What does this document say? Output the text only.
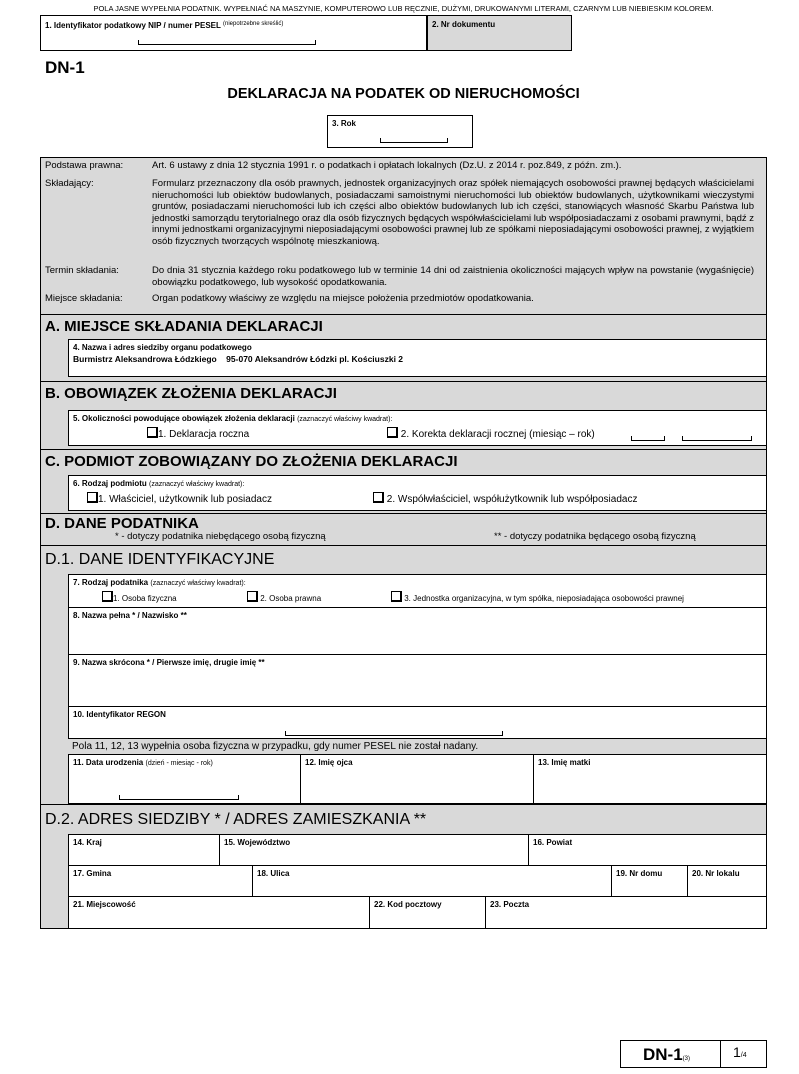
POLA JASNE WYPEŁNIA PODATNIK. WYPEŁNIAĆ NA MASZYNIE, KOMPUTEROWO LUB RĘCZNIE, DUŻYMI, DRUKOWANYMI LITERAMI, CZARNYM LUB NIEBIESKIM KOLOREM.
1. Identyfikator podatkowy NIP / numer PESEL $^{(niepotrzebne skreślić)}$	2. Nr dokumentu
DN-1
DEKLARACJA NA PODATEK OD NIERUCHOMOŚCI
3. Rok
Podstawa prawna:	Art. 6 ustawy z dnia 12 stycznia 1991 r. o podatkach i opłatach lokalnych (Dz.U. z 2014 r. poz.849, z późn. zm.).
Składający:	Formularz przeznaczony dla osób prawnych, jednostek organizacyjnych oraz spółek niemających osobowości prawnej będących właścicielami nieruchomości lub obiektów budowlanych, posiadaczami samoistnymi nieruchomości lub obiektów budowlanych, użytkownikami wieczystymi gruntów, posiadaczami nieruchomości lub ich części albo obiektów budowlanych lub ich części, stanowiących własność Skarbu Państwa lub jednostki samorządu terytorialnego oraz dla osób fizycznych będących współwłaścicielami lub współposiadaczami z osobami prawnymi, bądź z innymi jednostkami organizacyjnymi nieposiadającymi osobowości prawnej lub ze spółkami nieposiadającymi osobowości prawnej, z wyjątkiem osób fizycznych tworzących wspólnotę mieszkaniową.
Termin składania:	Do dnia 31 stycznia każdego roku podatkowego lub w terminie 14 dni od zaistnienia okoliczności mających wpływ na powstanie (wygaśnięcie) obowiązku podatkowego, lub wysokość opodatkowania.
Miejsce składania:	Organ podatkowy właściwy ze względu na miejsce położenia przedmiotów opodatkowania.
A. MIEJSCE SKŁADANIA DEKLARACJI
4. Nazwa i adres siedziby organu podatkowego
Burmistrz Aleksandrowa Łódzkiego    95-070 Aleksandrów Łódzki pl. Kościuszki 2
B. OBOWIĄZEK ZŁOŻENIA DEKLARACJI
5. Okoliczności powodujące obowiązek złożenia deklaracji (zaznaczyć właściwy kwadrat):
1. Deklaracja roczna	2. Korekta deklaracji rocznej (miesiąc – rok)
C. PODMIOT ZOBOWIĄZANY DO ZŁOŻENIA DEKLARACJI
6. Rodzaj podmiotu (zaznaczyć właściwy kwadrat):
1. Właściciel, użytkownik lub posiadacz	2. Współwłaściciel, współużytkownik lub współposiadacz
D. DANE PODATNIKA
* - dotyczy podatnika niebędącego osobą fizyczną	** - dotyczy podatnika będącego osobą fizyczną
D.1. DANE IDENTYFIKACYJNE
7. Rodzaj podatnika (zaznaczyć właściwy kwadrat):
1. Osoba fizyczna	2. Osoba prawna	3. Jednostka organizacyjna, w tym spółka, nieposiadająca osobowości prawnej
8. Nazwa pełna * / Nazwisko **
9. Nazwa skrócona * / Pierwsze imię, drugie imię **
10. Identyfikator REGON
Pola 11, 12, 13 wypełnia osoba fizyczna w przypadku, gdy numer PESEL nie został nadany.
11. Data urodzenia (dzień - miesiąc - rok)	12. Imię ojca	13. Imię matki
D.2. ADRES SIEDZIBY * / ADRES ZAMIESZKANIA **
14. Kraj	15. Województwo	16. Powiat
17. Gmina	18. Ulica	19. Nr domu	20. Nr lokalu
21. Miejscowość	22. Kod pocztowy	23. Poczta
DN-1(3)	1/4
